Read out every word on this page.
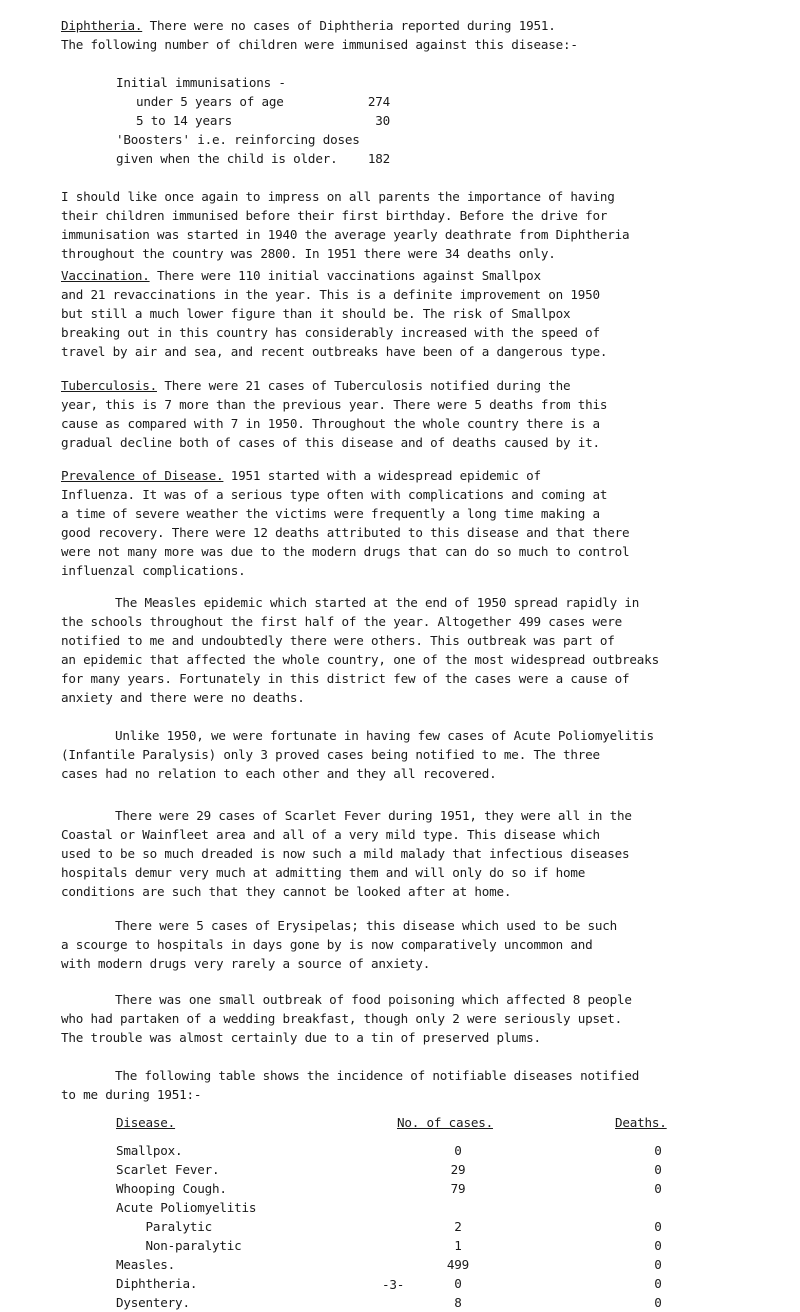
Diphtheria. There were no cases of Diphtheria reported during 1951.
The following number of children were immunised against this disease:-

Initial immunisations -
under 5 years of age	274
5 to 14 years	30
'Boosters' i.e. reinforcing doses
given when the child is older.	182

I should like once again to impress on all parents the importance of having
their children immunised before their first birthday. Before the drive for
immunisation was started in 1940 the average yearly deathrate from Diphtheria
throughout the country was 2800. In 1951 there were 34 deaths only.

Vaccination. There were 110 initial vaccinations against Smallpox
and 21 revaccinations in the year. This is a definite improvement on 1950
but still a much lower figure than it should be. The risk of Smallpox
breaking out in this country has considerably increased with the speed of
travel by air and sea, and recent outbreaks have been of a dangerous type.

Tuberculosis. There were 21 cases of Tuberculosis notified during the
year, this is 7 more than the previous year. There were 5 deaths from this
cause as compared with 7 in 1950. Throughout the whole country there is a
gradual decline both of cases of this disease and of deaths caused by it.

Prevalence of Disease. 1951 started with a widespread epidemic of
Influenza. It was of a serious type often with complications and coming at
a time of severe weather the victims were frequently a long time making a
good recovery. There were 12 deaths attributed to this disease and that there
were not many more was due to the modern drugs that can do so much to control
influenzal complications.

The Measles epidemic which started at the end of 1950 spread rapidly in
the schools throughout the first half of the year. Altogether 499 cases were
notified to me and undoubtedly there were others. This outbreak was part of
an epidemic that affected the whole country, one of the most widespread outbreaks
for many years. Fortunately in this district few of the cases were a cause of
anxiety and there were no deaths.

Unlike 1950, we were fortunate in having few cases of Acute Poliomyelitis
(Infantile Paralysis) only 3 proved cases being notified to me. The three
cases had no relation to each other and they all recovered.

There were 29 cases of Scarlet Fever during 1951, they were all in the
Coastal or Wainfleet area and all of a very mild type. This disease which
used to be so much dreaded is now such a mild malady that infectious diseases
hospitals demur very much at admitting them and will only do so if home
conditions are such that they cannot be looked after at home.

There were 5 cases of Erysipelas; this disease which used to be such
a scourge to hospitals in days gone by is now comparatively uncommon and
with modern drugs very rarely a source of anxiety.

There was one small outbreak of food poisoning which affected 8 people
who had partaken of a wedding breakfast, though only 2 were seriously upset.
The trouble was almost certainly due to a tin of preserved plums.

The following table shows the incidence of notifiable diseases notified
to me during 1951:-

Disease.	No. of cases.	Deaths.
Smallpox.	0	0
Scarlet Fever.	29	0
Whooping Cough.	79	0
Acute Poliomyelitis
Paralytic	2	0
Non-paralytic	1	0
Measles.	499	0
Diphtheria.	0	0
Dysentery.	8	0
-3-
